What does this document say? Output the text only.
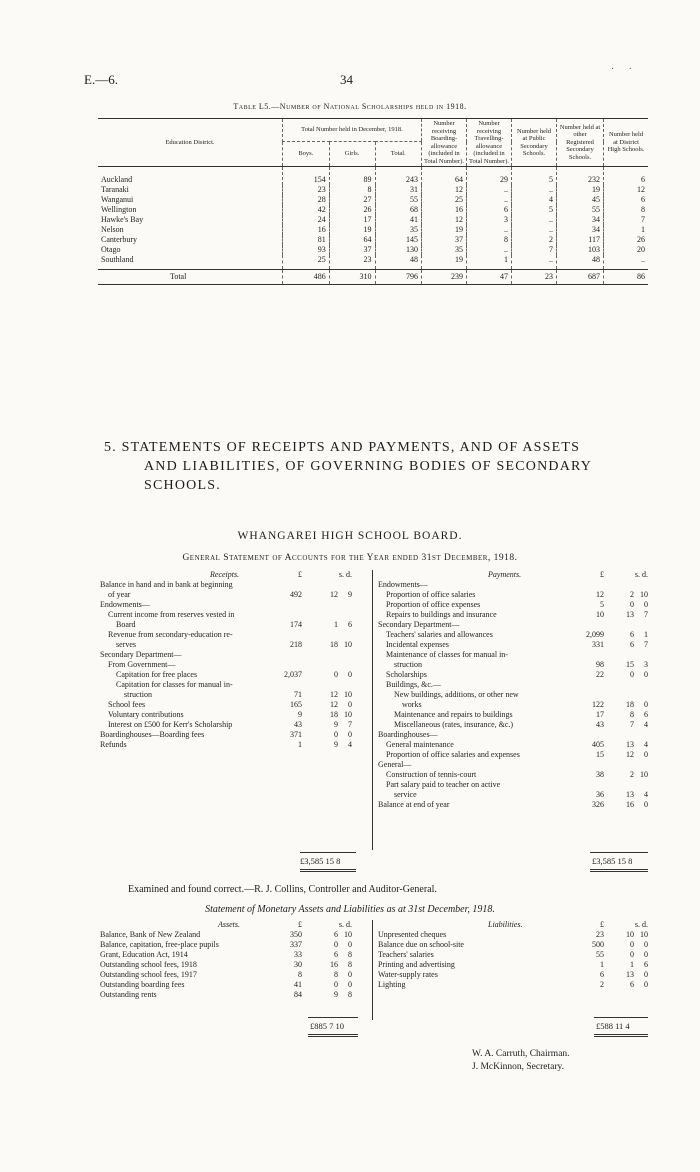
E.—6.	34
· ·
Table L5.—Number of National Scholarships held in 1918.
Education District.	Total Number held in December, 1918.			Number receiving Boarding-allowance (included in Total Number).	Number receiving Travelling-allowance (included in Total Number).	Number held at Public Secondary Schools.	Number held at other Registered Secondary Schools.	Number held at District High Schools.
	Boys.	Girls.	Total.					
Auckland	154	89	243	64	29	5	232	6
Taranaki	23	8	31	12	..	..	19	12
Wanganui	28	27	55	25	..	4	45	6
Wellington	42	26	68	16	6	5	55	8
Hawke's Bay	24	17	41	12	3	..	34	7
Nelson	16	19	35	19	..	..	34	1
Canterbury	81	64	145	37	8	2	117	26
Otago	93	37	130	35	..	7	103	20
Southland	25	23	48	19	1	..	48	..
Total	486	310	796	239	47	23	687	86
5. STATEMENTS OF RECEIPTS AND PAYMENTS, AND OF ASSETS
AND LIABILITIES, OF GOVERNING BODIES OF SECONDARY
SCHOOLS.
WHANGAREI HIGH SCHOOL BOARD.
General Statement of Accounts for the Year ended 31st December, 1918.
Receipts.	£	s. d.
Balance in hand and in bank at beginning
of year	492	12 9
Endowments—
Current income from reserves vested in
Board	174	1 6
Revenue from secondary-education re-
serves	218	18 10
Secondary Department—
From Government—
Capitation for free places	2,037	0 0
Capitation for classes for manual in-
struction	71	12 10
School fees	165	12 0
Voluntary contributions	9	18 10
Interest on £500 for Kerr's Scholarship	43	9 7
Boardinghouses—Boarding fees	371	0 0
Refunds	1	9 4
Payments.	£	s. d.
Endowments—
Proportion of office salaries	12	2 10
Proportion of office expenses	5	0 0
Repairs to buildings and insurance	10	13 7
Secondary Department—
Teachers' salaries and allowances	2,099	6 1
Incidental expenses	331	6 7
Maintenance of classes for manual in-
struction	98	15 3
Scholarships	22	0 0
Buildings, &c.—
New buildings, additions, or other new
works	122	18 0
Maintenance and repairs to buildings	17	8 6
Miscellaneous (rates, insurance, &c.)	43	7 4
Boardinghouses—
General maintenance	405	13 4
Proportion of office salaries and expenses	15	12 0
General—
Construction of tennis-court	38	2 10
Part salary paid to teacher on active
service	36	13 4
Balance at end of year	326	16 0
£3,585 15 8	£3,585 15 8
Examined and found correct.—R. J. Collins, Controller and Auditor-General.
Statement of Monetary Assets and Liabilities as at 31st December, 1918.
Assets.	£	s. d.
Balance, Bank of New Zealand	350	6 10
Balance, capitation, free-place pupils	337	0 0
Grant, Education Act, 1914	33	6 8
Outstanding school fees, 1918	30	16 8
Outstanding school fees, 1917	8	8 0
Outstanding boarding fees	41	0 0
Outstanding rents	84	9 8
Liabilities.	£	s. d.
Unpresented cheques	23	10 10
Balance due on school-site	500	0 0
Teachers' salaries	55	0 0
Printing and advertising	1	1 6
Water-supply rates	6	13 0
Lighting	2	6 0
£885 7 10	£588 11 4
W. A. Carruth, Chairman.
J. McKinnon, Secretary.
